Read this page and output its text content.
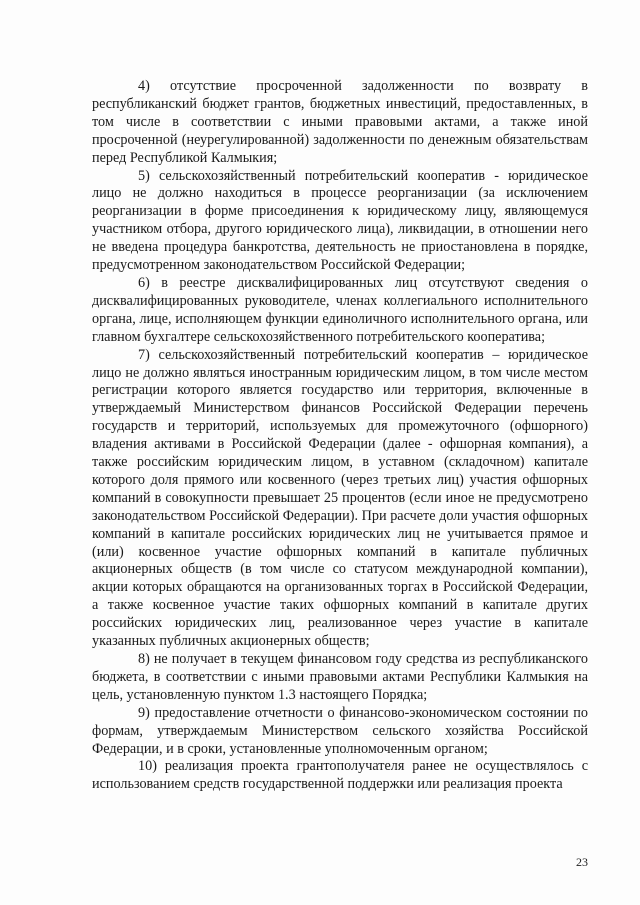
4) отсутствие просроченной задолженности по возврату в республиканский бюджет грантов, бюджетных инвестиций, предоставленных, в том числе в соответствии с иными правовыми актами, а также иной просроченной (неурегулированной) задолженности по денежным обязательствам перед Республикой Калмыкия;

5) сельскохозяйственный потребительский кооператив - юридическое лицо не должно находиться в процессе реорганизации (за исключением реорганизации в форме присоединения к юридическому лицу, являющемуся участником отбора, другого юридического лица), ликвидации, в отношении него не введена процедура банкротства, деятельность не приостановлена в порядке, предусмотренном законодательством Российской Федерации;

6) в реестре дисквалифицированных лиц отсутствуют сведения о дисквалифицированных руководителе, членах коллегиального исполнительного органа, лице, исполняющем функции единоличного исполнительного органа, или главном бухгалтере сельскохозяйственного потребительского кооператива;

7) сельскохозяйственный потребительский кооператив – юридическое лицо не должно являться иностранным юридическим лицом, в том числе местом регистрации которого является государство или территория, включенные в утверждаемый Министерством финансов Российской Федерации перечень государств и территорий, используемых для промежуточного (офшорного) владения активами в Российской Федерации (далее - офшорная компания), а также российским юридическим лицом, в уставном (складочном) капитале которого доля прямого или косвенного (через третьих лиц) участия офшорных компаний в совокупности превышает 25 процентов (если иное не предусмотрено законодательством Российской Федерации). При расчете доли участия офшорных компаний в капитале российских юридических лиц не учитывается прямое и (или) косвенное участие офшорных компаний в капитале публичных акционерных обществ (в том числе со статусом международной компании), акции которых обращаются на организованных торгах в Российской Федерации, а также косвенное участие таких офшорных компаний в капитале других российских юридических лиц, реализованное через участие в капитале указанных публичных акционерных обществ;

8) не получает в текущем финансовом году средства из республиканского бюджета, в соответствии с иными правовыми актами Республики Калмыкия на цель, установленную пунктом 1.3 настоящего Порядка;

9) предоставление отчетности о финансово-экономическом состоянии по формам, утверждаемым Министерством сельского хозяйства Российской Федерации, и в сроки, установленные уполномоченным органом;

10) реализация проекта грантополучателя ранее не осуществлялось с использованием средств государственной поддержки или реализация проекта

23
